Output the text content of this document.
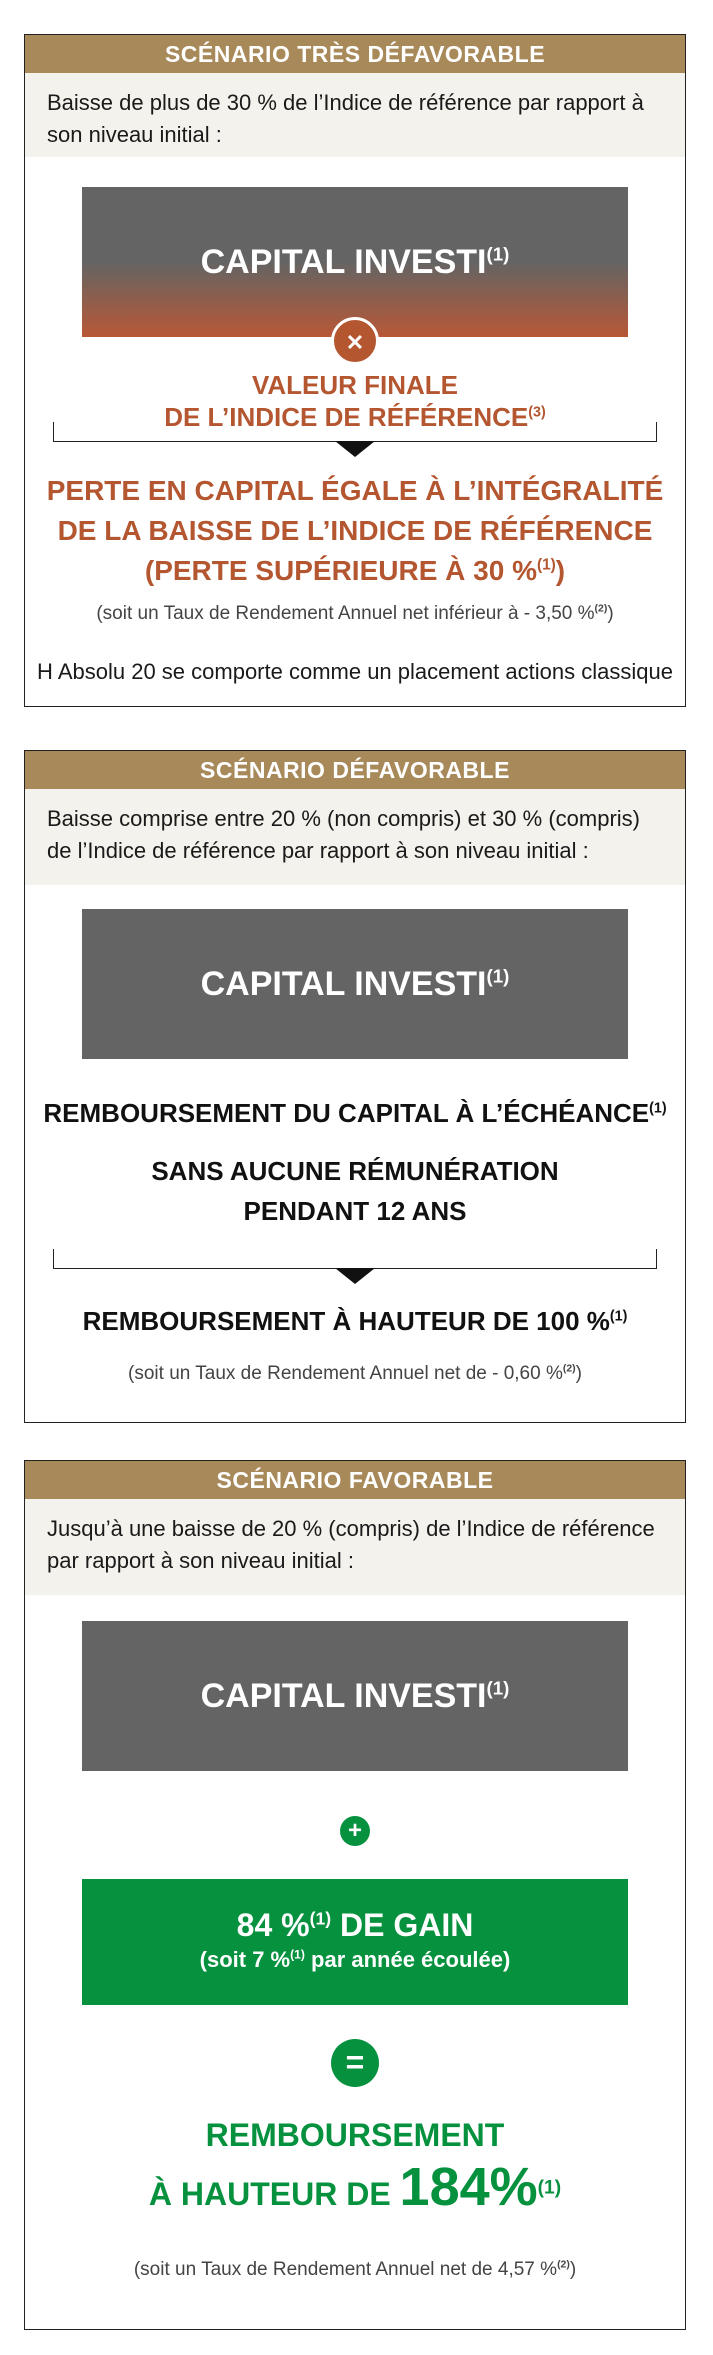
SCÉNARIO TRÈS DÉFAVORABLE
Baisse de plus de 30 % de l’Indice de référence par rapport à son niveau initial :
CAPITAL INVESTI$^{(1)}$
✕
VALEUR FINALE
DE L’INDICE DE RÉFÉRENCE$^{(3)}$
PERTE EN CAPITAL ÉGALE À L’INTÉGRALITÉ
DE LA BAISSE DE L’INDICE DE RÉFÉRENCE
(PERTE SUPÉRIEURE À 30 %$^{(1)}$)
(soit un Taux de Rendement Annuel net inférieur à - 3,50 %$^{(2)}$)
H Absolu 20 se comporte comme un placement actions classique
SCÉNARIO DÉFAVORABLE
Baisse comprise entre 20 % (non compris) et 30 % (compris) de l’Indice de référence par rapport à son niveau initial :
CAPITAL INVESTI$^{(1)}$
REMBOURSEMENT DU CAPITAL À L’ÉCHÉANCE$^{(1)}$
SANS AUCUNE RÉMUNÉRATION
PENDANT 12 ANS
REMBOURSEMENT À HAUTEUR DE 100 %$^{(1)}$
(soit un Taux de Rendement Annuel net de - 0,60 %$^{(2)}$)
SCÉNARIO FAVORABLE
Jusqu’à une baisse de 20 % (compris) de l’Indice de référence par rapport à son niveau initial :
CAPITAL $INVESTI^{(1)}$
+
84 %$^{(1)}$ DE GAIN
(soit 7 %$^{(1)}$ par année écoulée)
=
REMBOURSEMENT
À HAUTEUR DE 184%$^{(1)}$
(soit un Taux de Rendement Annuel net de 4,57 %$^{(2)}$)
